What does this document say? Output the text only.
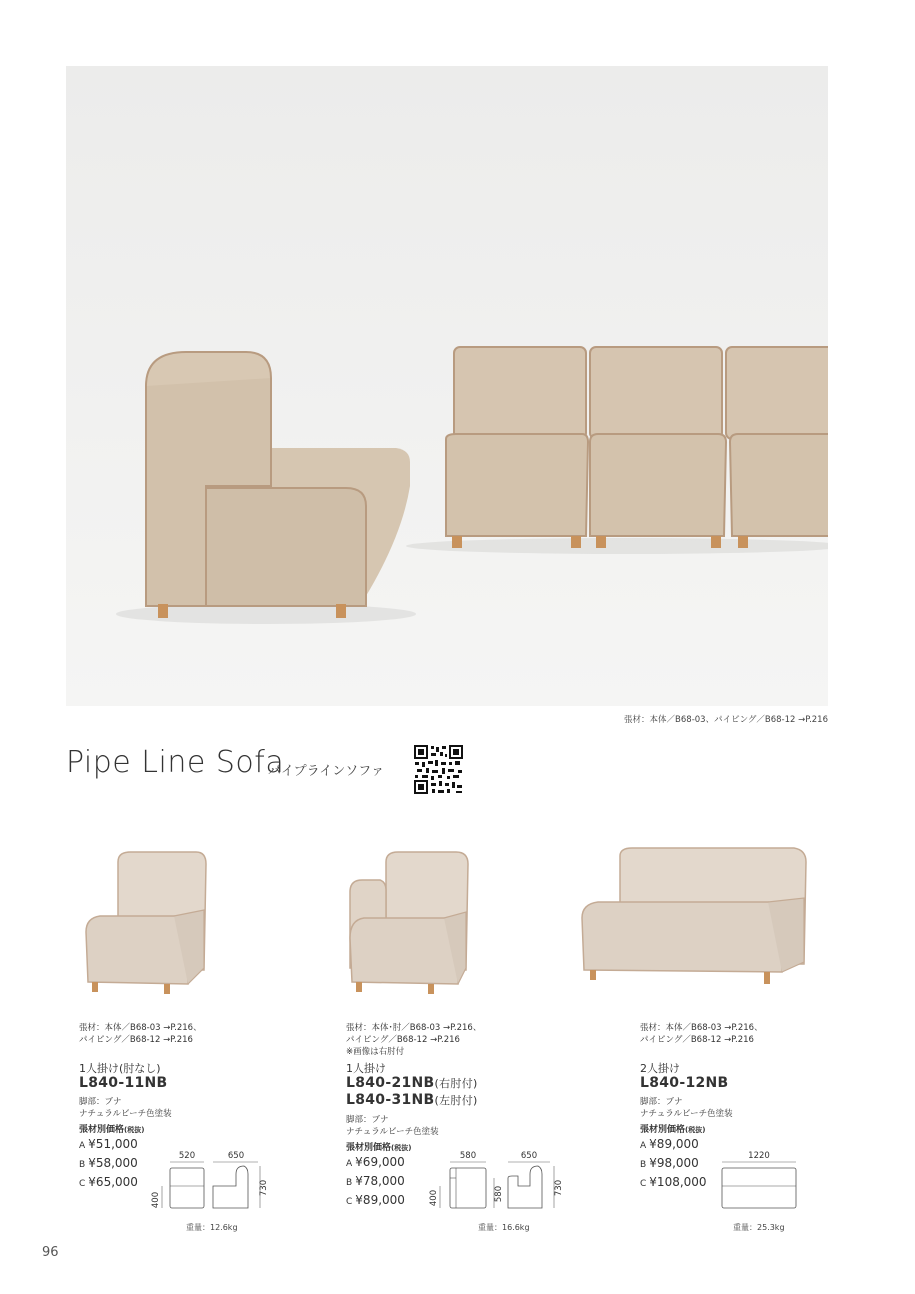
張材：本体／B68-03、パイピング／B68-12 →P.216
Pipe Line Sofa
パイプラインソファ
張材：本体／B68-03 →P.216、
パイピング／B68-12 →P.216
1人掛け(肘なし)
L840-11NB
脚部：ブナ
ナチュラルビーチ色塗装
張材別価格(税抜)
A ¥51,000
B ¥58,000
C ¥65,000
520	650
400
730
重量：12.6kg
張材：本体･肘／B68-03 →P.216、
パイピング／B68-12 →P.216
※画像は右肘付
1人掛け
L840-21NB(右肘付)
L840-31NB(左肘付)
脚部：ブナ
ナチュラルビーチ色塗装
張材別価格(税抜)
A ¥69,000
B ¥78,000
C ¥89,000
580	650
400	580	730
重量：16.6kg
張材：本体／B68-03 →P.216、
パイピング／B68-12 →P.216
2人掛け
L840-12NB
脚部：ブナ
ナチュラルビーチ色塗装
張材別価格(税抜)
A ¥89,000
B ¥98,000
C ¥108,000
1220
重量：25.3kg
96
